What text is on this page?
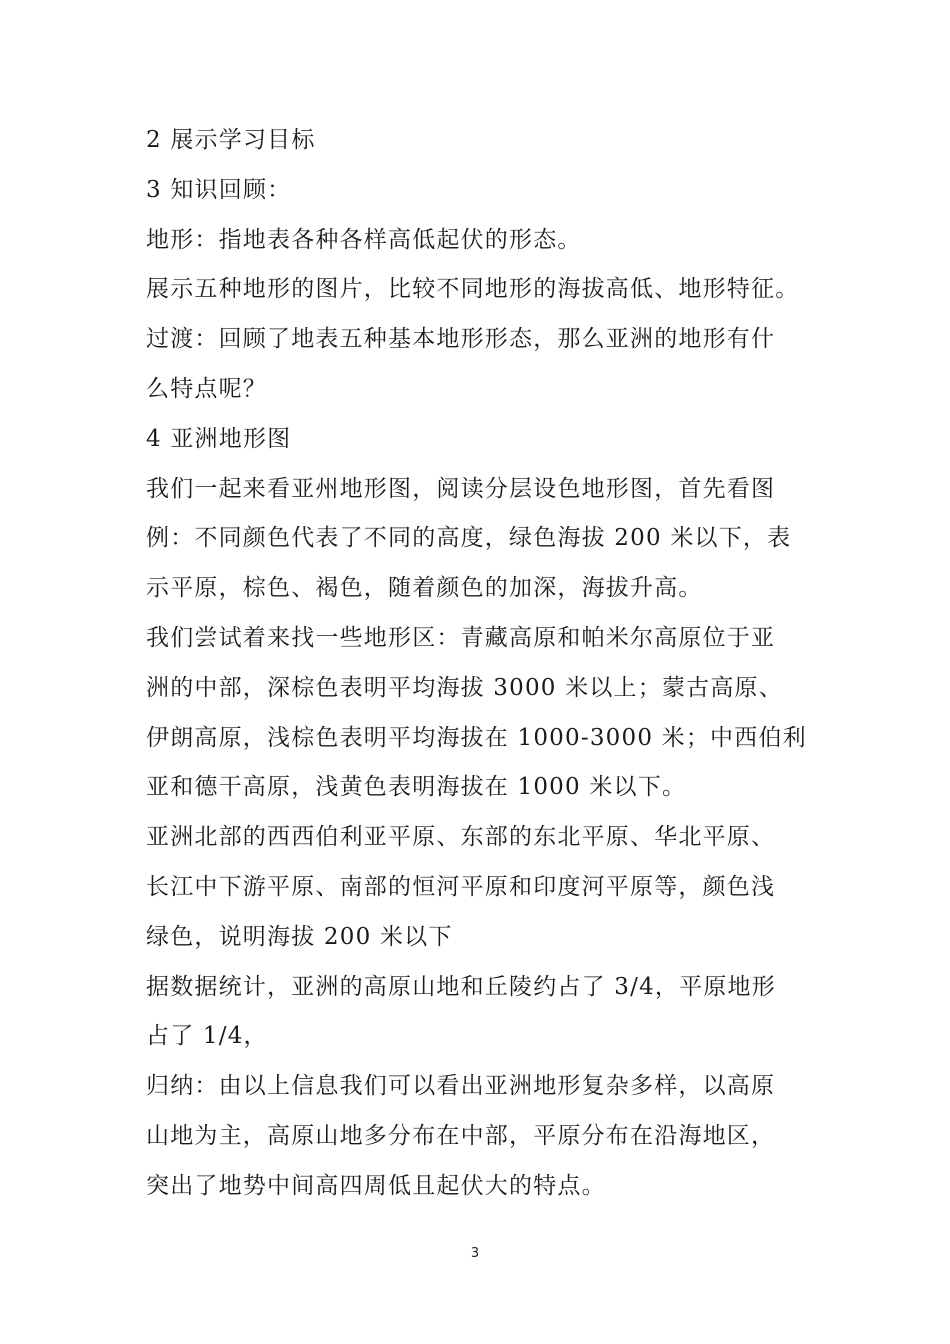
2 展示学习目标
3 知识回顾：
地形：指地表各种各样高低起伏的形态。
展示五种地形的图片，比较不同地形的海拔高低、地形特征。
过渡：回顾了地表五种基本地形形态，那么亚洲的地形有什
么特点呢？
4 亚洲地形图
我们一起来看亚州地形图，阅读分层设色地形图，首先看图
例：不同颜色代表了不同的高度，绿色海拔 200 米以下，表
示平原，棕色、褐色，随着颜色的加深，海拔升高。
我们尝试着来找一些地形区：青藏高原和帕米尔高原位于亚
洲的中部，深棕色表明平均海拔 3000 米以上；蒙古高原、
伊朗高原，浅棕色表明平均海拔在 1000-3000 米；中西伯利
亚和德干高原，浅黄色表明海拔在 1000 米以下。
亚洲北部的西西伯利亚平原、东部的东北平原、华北平原、
长江中下游平原、南部的恒河平原和印度河平原等，颜色浅
绿色，说明海拔 200 米以下
据数据统计，亚洲的高原山地和丘陵约占了 3/4，平原地形
占了 1/4，
归纳：由以上信息我们可以看出亚洲地形复杂多样，以高原
山地为主，高原山地多分布在中部，平原分布在沿海地区，
突出了地势中间高四周低且起伏大的特点。
3
